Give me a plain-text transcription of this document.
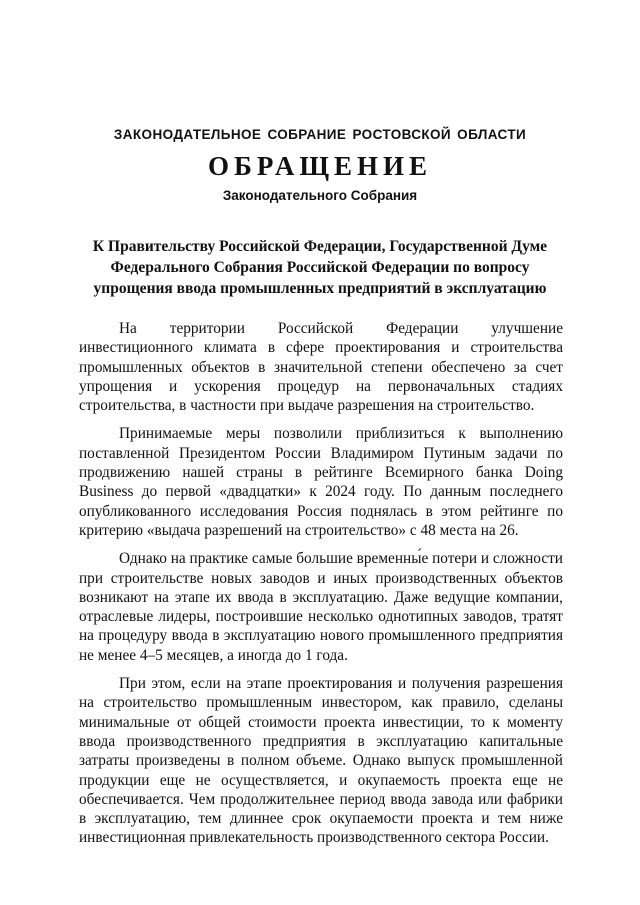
ЗАКОНОДАТЕЛЬНОЕ СОБРАНИЕ РОСТОВСКОЙ ОБЛАСТИ
ОБРАЩЕНИЕ
Законодательного Собрания
К Правительству Российской Федерации, Государственной Думе
Федерального Собрания Российской Федерации по вопросу
упрощения ввода промышленных предприятий в эксплуатацию

На территории Российской Федерации улучшение инвестиционного климата в сфере проектирования и строительства промышленных объектов в значительной степени обеспечено за счет упрощения и ускорения процедур на первоначальных стадиях строительства, в частности при выдаче разрешения на строительство.

Принимаемые меры позволили приблизиться к выполнению поставленной Президентом России Владимиром Путиным задачи по продвижению нашей страны в рейтинге Всемирного банка Doing Business до первой «двадцатки» к 2024 году. По данным последнего опубликованного исследования Россия поднялась в этом рейтинге по критерию «выдача разрешений на строительство» с 48 места на 26.

Однако на практике самые большие временны́е потери и сложности при строительстве новых заводов и иных производственных объектов возникают на этапе их ввода в эксплуатацию. Даже ведущие компании, отраслевые лидеры, построившие несколько однотипных заводов, тратят на процедуру ввода в эксплуатацию нового промышленного предприятия не менее 4–5 месяцев, а иногда до 1 года.

При этом, если на этапе проектирования и получения разрешения на строительство промышленным инвестором, как правило, сделаны минимальные от общей стоимости проекта инвестиции, то к моменту ввода производственного предприятия в эксплуатацию капитальные затраты произведены в полном объеме. Однако выпуск промышленной продукции еще не осуществляется, и окупаемость проекта еще не обеспечивается. Чем продолжительнее период ввода завода или фабрики в эксплуатацию, тем длиннее срок окупаемости проекта и тем ниже инвестиционная привлекательность производственного сектора России.
